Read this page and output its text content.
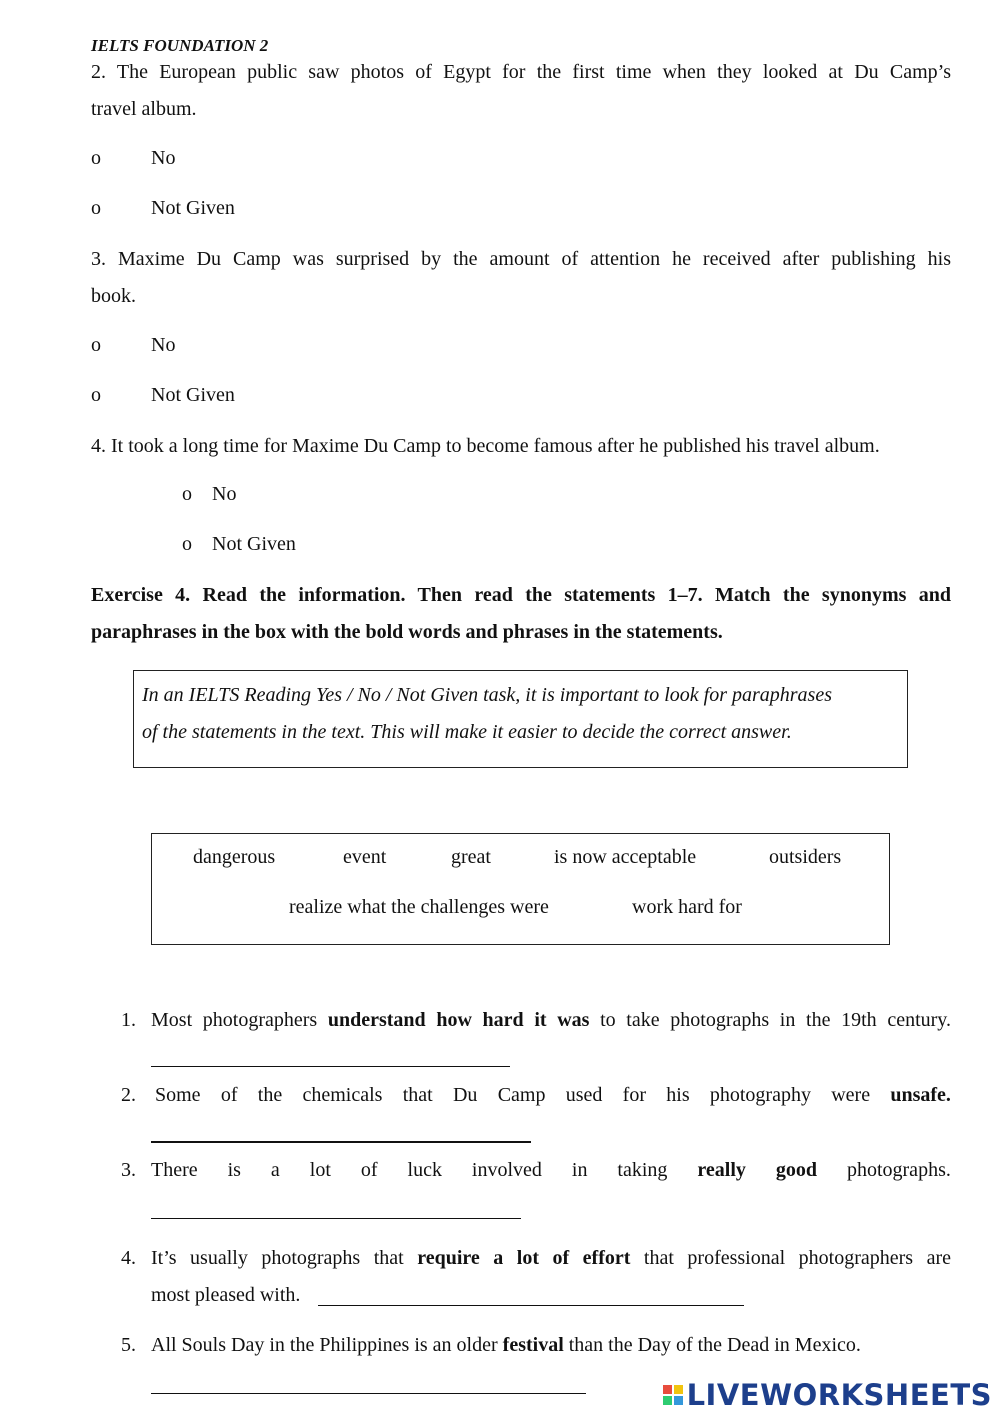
IELTS FOUNDATION 2
2. The European public saw photos of Egypt for the first time when they looked at Du Camp’s
travel album.
o	No
o	Not Given
3. Maxime Du Camp was surprised by the amount of attention he received after publishing his
book.
o	No
o	Not Given
4. It took a long time for Maxime Du Camp to become famous after he published his travel album.
o No
o Not Given
Exercise 4. Read the information. Then read the statements 1–7. Match the synonyms and
paraphrases in the box with the bold words and phrases in the statements.
In an IELTS Reading Yes / No / Not Given task, it is important to look for paraphrases
of the statements in the text. This will make it easier to decide the correct answer.
dangerous	event	great	is now acceptable	outsiders
realize what the challenges were	work hard for
1. Most photographers understand how hard it was to take photographs in the 19th century.
2. Some of the chemicals that Du Camp used for his photography were unsafe.
3. There is a lot of luck involved in taking really good photographs.
4. It’s usually photographs that require a lot of effort that professional photographers are
most pleased with.
5. All Souls Day in the Philippines is an older festival than the Day of the Dead in Mexico.
LIVEWORKSHEETS
